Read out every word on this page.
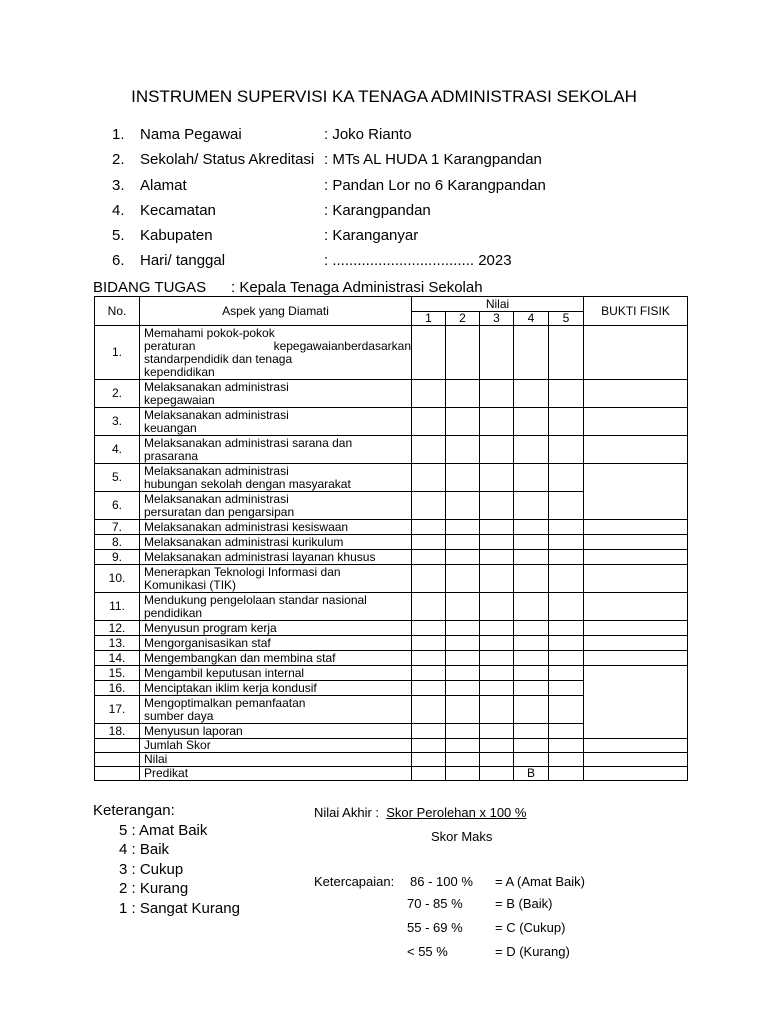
INSTRUMEN SUPERVISI KA TENAGA ADMINISTRASI SEKOLAH
1.	Nama Pegawai	: Joko Rianto
2.	Sekolah/ Status Akreditasi : MTs AL HUDA 1 Karangpandan
3.	Alamat	: Pandan Lor no 6 Karangpandan
4.	Kecamatan	: Karangpandan
5.	Kabupaten	: Karanganyar
6.	Hari/ tanggal	: .................................. 2023
BIDANG TUGAS	: Kepala Tenaga Administrasi Sekolah
No.	Aspek yang Diamati	Nilai					BUKTI FISIK
		1	2	3	4	5	
1.	Memahami pokok-pokok
peraturan kepegawaianberdasarkan
standarpendidik dan tenaga
kependidikan						

2.	Melaksanakan administrasi
kepegawaian						

3.	Melaksanakan administrasi
keuangan						

4.	Melaksanakan administrasi sarana dan
prasarana						

5.	Melaksanakan administrasi
hubungan sekolah dengan masyarakat						

6.	Melaksanakan administrasi
persuratan dan pengarsipan						

7.	Melaksanakan administrasi kesiswaan						

8.	Melaksanakan administrasi kurikulum						

9.	Melaksanakan administrasi layanan khusus						

10.	Menerapkan Teknologi Informasi dan
Komunikasi (TIK)						

11.	Mendukung pengelolaan standar nasional
pendidikan						

12.	Menyusun program kerja						

13.	Mengorganisasikan staf						

14.	Mengembangkan dan membina staf						

15.	Mengambil keputusan internal						

16.	Menciptakan iklim kerja kondusif						

17.	Mengoptimalkan pemanfaatan
sumber daya						

18.	Menyusun laporan						

	Jumlah Skor						
	Nilai						
	Predikat				B		
Keterangan:
5 : Amat Baik
4 : Baik
3 : Cukup
2 : Kurang
1 : Sangat Kurang
Nilai Akhir : Skor Perolehan x 100 %
Skor Maks
Ketercapaian: 86 - 100 % = A (Amat Baik)
70 - 85 % = B (Baik)
55 - 69 % = C (Cukup)
< 55 %	= D (Kurang)
